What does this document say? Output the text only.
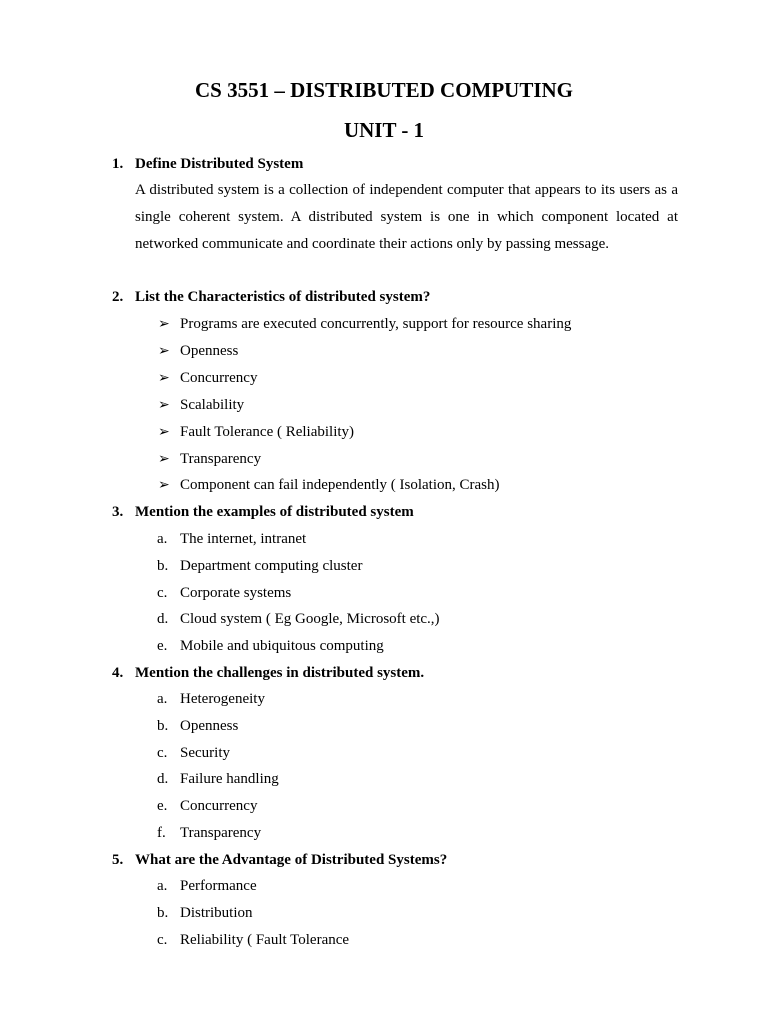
CS 3551 – DISTRIBUTED COMPUTING
UNIT - 1
1. Define Distributed System
A distributed system is a collection of independent computer that appears to its users as a
single coherent system. A distributed system is one in which component located at
networked communicate and coordinate their actions only by passing message.
2. List the Characteristics of distributed system?
➢ Programs are executed concurrently, support for resource sharing
➢ Openness
➢ Concurrency
➢ Scalability
➢ Fault Tolerance ( Reliability)
➢ Transparency
➢ Component can fail independently ( Isolation, Crash)
3. Mention the examples of distributed system
a. The internet, intranet
b. Department computing cluster
c. Corporate systems
d. Cloud system ( Eg Google, Microsoft etc.,)
e. Mobile and ubiquitous computing
4. Mention the challenges in distributed system.
a. Heterogeneity
b. Openness
c. Security
d. Failure handling
e. Concurrency
f. Transparency
5. What are the Advantage of Distributed Systems?
a. Performance
b. Distribution
c. Reliability ( Fault Tolerance
